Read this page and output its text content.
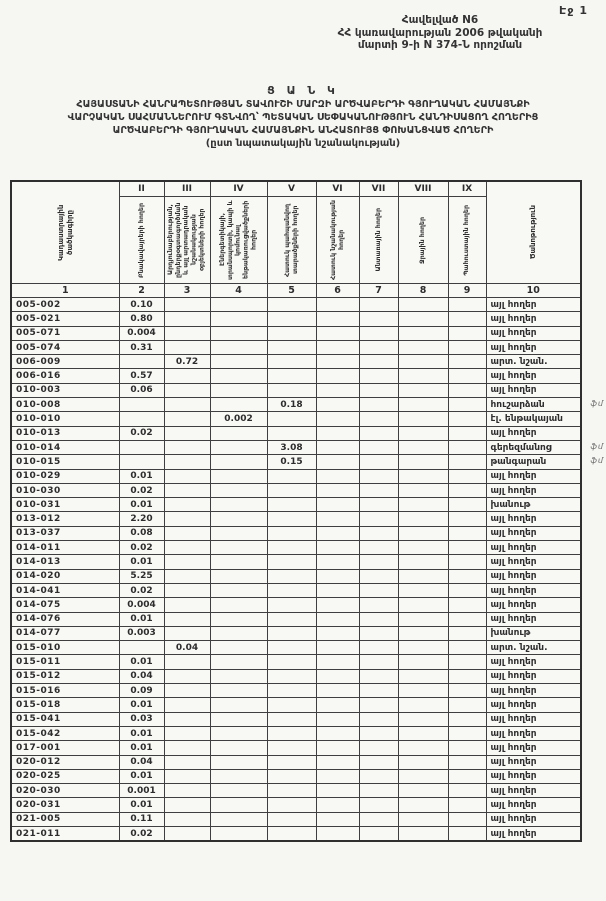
Էջ 1
Հավելված N6
ՀՀ կառավարության 2006 թվականի
մարտի 9-ի N 374-Ն որոշման
Ց Ա Ն Կ
ՀԱՅԱՍՏԱՆԻ ՀԱՆՐԱՊԵՏՈՒԹՅԱՆ ՏԱՎՈՒՇԻ ՄԱՐԶԻ ԱՐԾՎԱԲԵՐԴԻ ԳՅՈՒՂԱԿԱՆ ՀԱՄԱՅՆՔԻ
ՎԱՐՉԱԿԱՆ ՍԱՀՄԱՆՆԵՐՈՒՄ ԳՏՆՎՈՂ՝ ՊԵՏԱԿԱՆ ՍԵՓԱԿԱՆՈՒԹՅՈՒՆ ՀԱՆԴԻՍԱՑՈՂ ՀՈՂԵՐԻՑ
ԱՐԾՎԱԲԵՐԴԻ ԳՅՈՒՂԱԿԱՆ ՀԱՄԱՅՆՔԻՆ ԱՆՀԱՏՈՒՅՑ ՓՈԽԱՆՑՎԱԾ ՀՈՂԵՐԻ
(ըստ նպատակային նշանակության)
Կադաստրային ծածկագիրը	II	III	IV	V	VI	VII	VIII	IX	Ծանոթություն

	Բնակավայրերի հողեր	Արդյունաբերության, ընդերքօգտագործման և այլ արտադրական նշանակության օբյեկտների հողեր	Էներգետիկայի, տրանսպորտի, կապի և կոմունալ ենթակառուցվածքների հողեր	Հատուկ պահպանվող տարածքների հողեր	Հատուկ նշանակության հողեր	Անտառային հողեր	Ջրային հողեր	Պահուստային հողեր	

1	2	3	4	5	6	7	8	9	10
005-002	0.10								այլ հողեր
005-021	0.80								այլ հողեր
005-071	0.004								այլ հողեր
005-074	0.31								այլ հողեր
006-009		0.72							արտ. նշան.
006-016	0.57								այլ հողեր
010-003	0.06								այլ հողեր
010-008				0.18					հուշարձան ֆմ

010-010			0.002						էլ. ենթակայան
010-013	0.02								այլ հողեր
010-014				3.08					գերեզմանոց ֆմ

010-015				0.15					թանգարան ֆմ

010-029	0.01								այլ հողեր
010-030	0.02								այլ հողեր
010-031	0.01								խանութ
013-012	2.20								այլ հողեր
013-037	0.08								այլ հողեր
014-011	0.02								այլ հողեր
014-013	0.01								այլ հողեր
014-020	5.25								այլ հողեր
014-041	0.02								այլ հողեր
014-075	0.004								այլ հողեր
014-076	0.01								այլ հողեր
014-077	0.003								խանութ
015-010		0.04							արտ. նշան.
015-011	0.01								այլ հողեր
015-012	0.04								այլ հողեր
015-016	0.09								այլ հողեր
015-018	0.01								այլ հողեր
015-041	0.03								այլ հողեր
015-042	0.01								այլ հողեր
017-001	0.01								այլ հողեր
020-012	0.04								այլ հողեր
020-025	0.01								այլ հողեր
020-030	0.001								այլ հողեր
020-031	0.01								այլ հողեր
021-005	0.11								այլ հողեր
021-011	0.02								այլ հողեր
